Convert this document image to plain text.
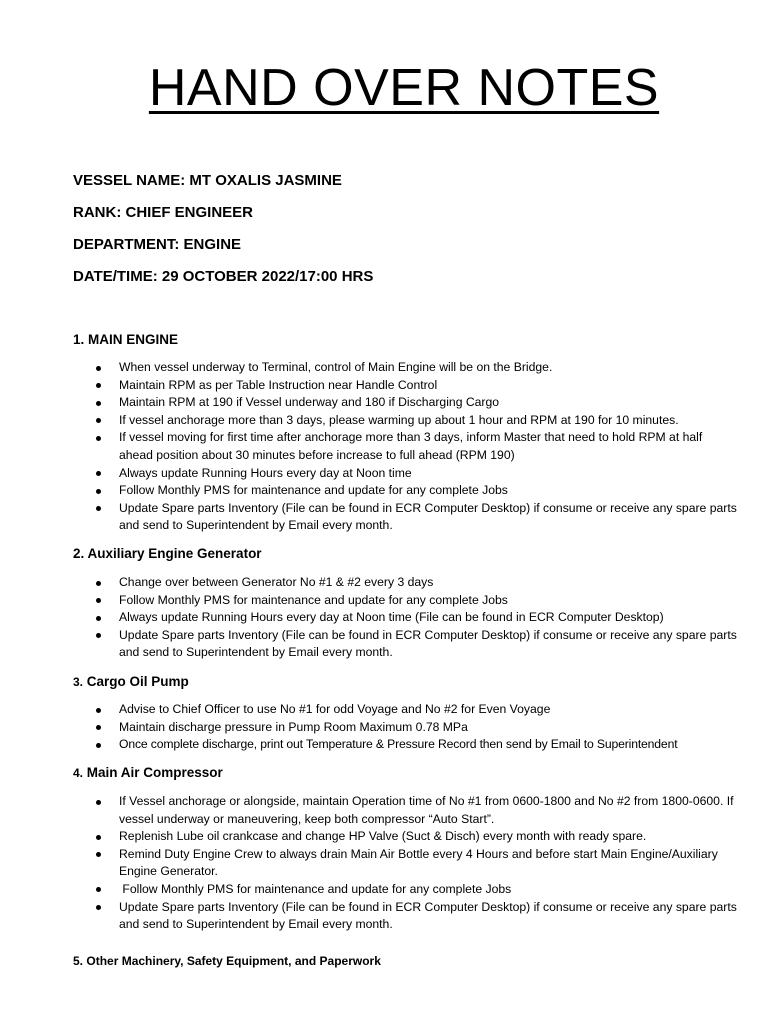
HAND OVER NOTES

VESSEL NAME: MT OXALIS JASMINE

RANK: CHIEF ENGINEER

DEPARTMENT: ENGINE

DATE/TIME: 29 OCTOBER 2022/17:00 HRS

1. MAIN ENGINE

When vessel underway to Terminal, control of Main Engine will be on the Bridge.
Maintain RPM as per Table Instruction near Handle Control
Maintain RPM at 190 if Vessel underway and 180 if Discharging Cargo
If vessel anchorage more than 3 days, please warming up about 1 hour and RPM at 190 for 10 minutes.
If vessel moving for first time after anchorage more than 3 days, inform Master that need to hold RPM at half ahead position about 30 minutes before increase to full ahead (RPM 190)
Always update Running Hours every day at Noon time
Follow Monthly PMS for maintenance and update for any complete Jobs
Update Spare parts Inventory (File can be found in ECR Computer Desktop) if consume or receive any spare parts and send to Superintendent by Email every month.

2. Auxiliary Engine Generator

Change over between Generator No #1 & #2 every 3 days
Follow Monthly PMS for maintenance and update for any complete Jobs
Always update Running Hours every day at Noon time (File can be found in ECR Computer Desktop)
Update Spare parts Inventory (File can be found in ECR Computer Desktop) if consume or receive any spare parts and send to Superintendent by Email every month.

3. Cargo Oil Pump

Advise to Chief Officer to use No #1 for odd Voyage and No #2 for Even Voyage
Maintain discharge pressure in Pump Room Maximum 0.78 MPa
Once complete discharge, print out Temperature & Pressure Record then send by Email to Superintendent

4. Main Air Compressor

If Vessel anchorage or alongside, maintain Operation time of No #1 from 0600-1800 and No #2 from 1800-0600. If vessel underway or maneuvering, keep both compressor “Auto Start”.
Replenish Lube oil crankcase and change HP Valve (Suct & Disch) every month with ready spare.
Remind Duty Engine Crew to always drain Main Air Bottle every 4 Hours and before start Main Engine/Auxiliary Engine Generator.
Follow Monthly PMS for maintenance and update for any complete Jobs
Update Spare parts Inventory (File can be found in ECR Computer Desktop) if consume or receive any spare parts and send to Superintendent by Email every month.

5. Other Machinery, Safety Equipment, and Paperwork
